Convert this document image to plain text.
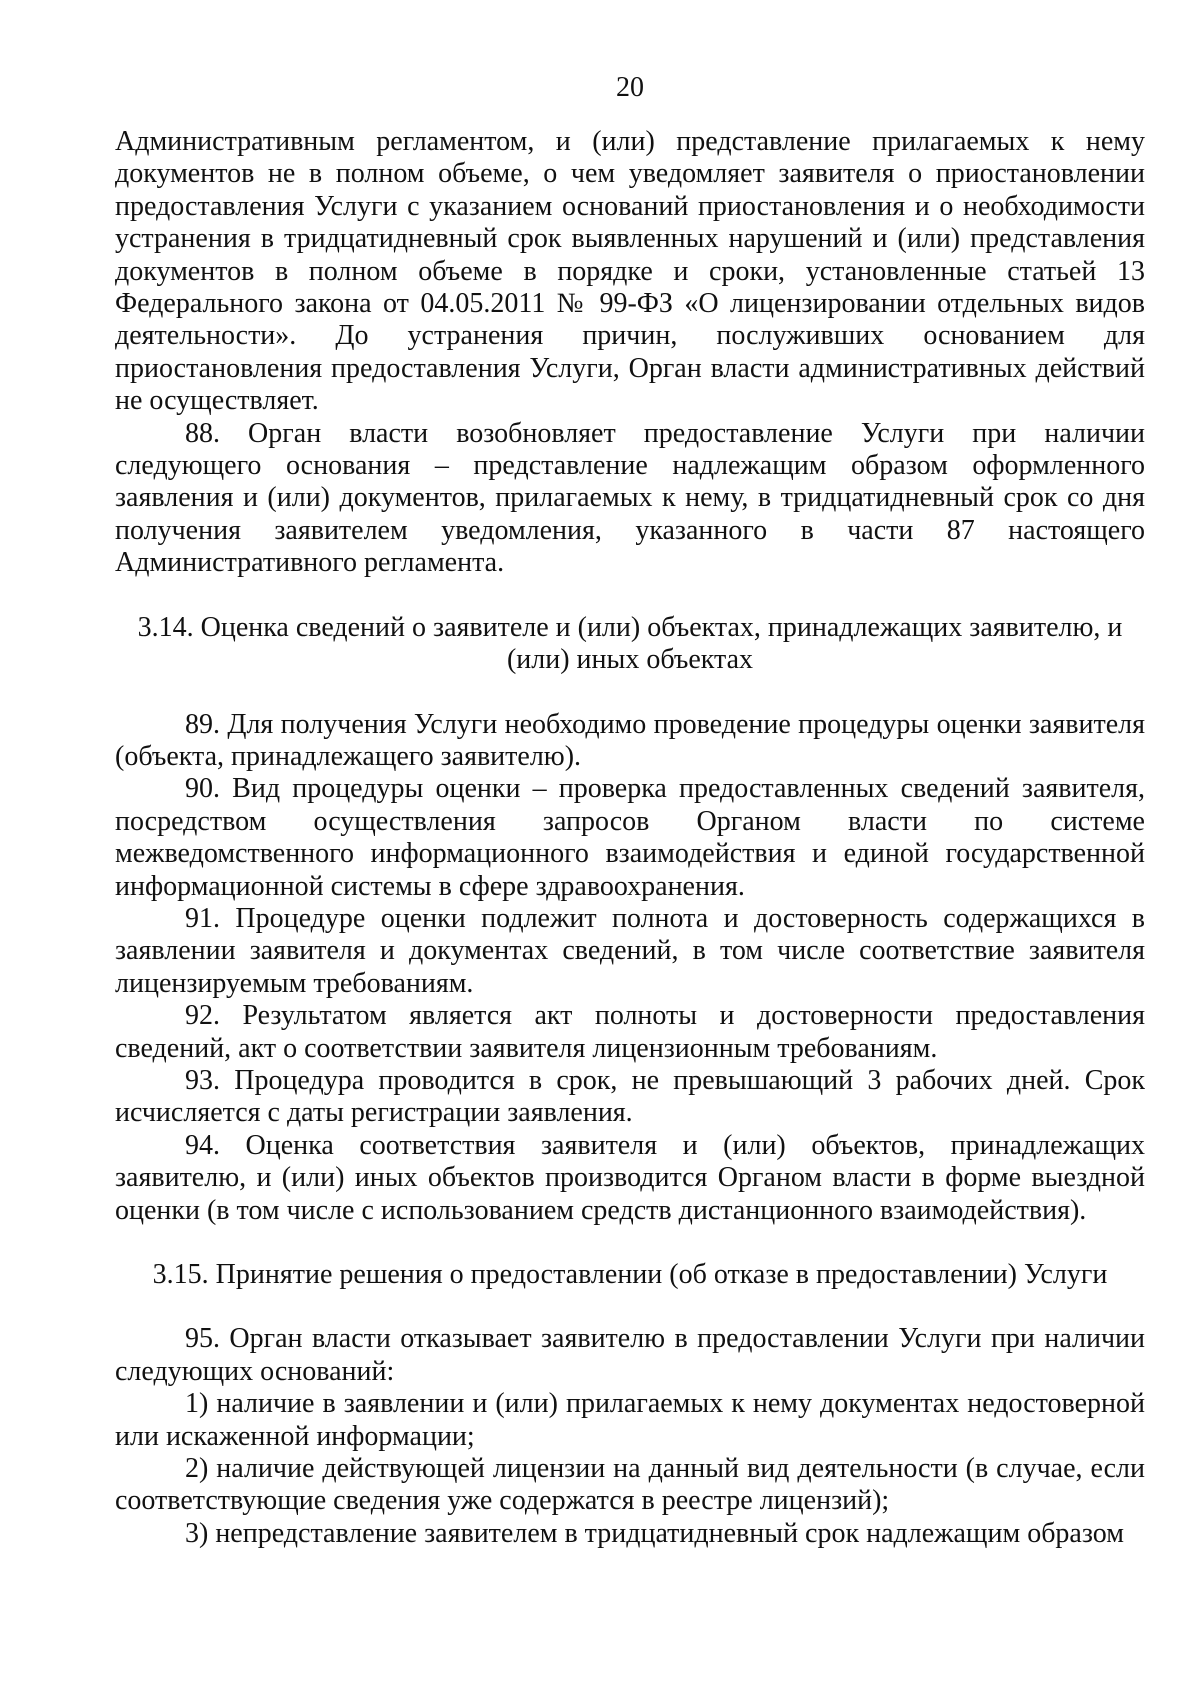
20

Административным регламентом, и (или) представление прилагаемых к нему документов не в полном объеме, о чем уведомляет заявителя о приостановлении предоставления Услуги с указанием оснований приостановления и о необходимости устранения в тридцатидневный срок выявленных нарушений и (или) представления документов в полном объеме в порядке и сроки, установленные статьей 13 Федерального закона от 04.05.2011 № 99-ФЗ «О лицензировании отдельных видов деятельности». До устранения причин, послуживших основанием для приостановления предоставления Услуги, Орган власти административных действий не осуществляет.

88. Орган власти возобновляет предоставление Услуги при наличии следующего основания – представление надлежащим образом оформленного заявления и (или) документов, прилагаемых к нему, в тридцатидневный срок со дня получения заявителем уведомления, указанного в части 87 настоящего Административного регламента.

3.14. Оценка сведений о заявителе и (или) объектах, принадлежащих заявителю, и
(или) иных объектах

89. Для получения Услуги необходимо проведение процедуры оценки заявителя (объекта, принадлежащего заявителю).

90. Вид процедуры оценки – проверка предоставленных сведений заявителя, посредством осуществления запросов Органом власти по системе межведомственного информационного взаимодействия и единой государственной информационной системы в сфере здравоохранения.

91. Процедуре оценки подлежит полнота и достоверность содержащихся в заявлении заявителя и документах сведений, в том числе соответствие заявителя лицензируемым требованиям.

92. Результатом является акт полноты и достоверности предоставления сведений, акт о соответствии заявителя лицензионным требованиям.

93. Процедура проводится в срок, не превышающий 3 рабочих дней. Срок исчисляется с даты регистрации заявления.

94. Оценка соответствия заявителя и (или) объектов, принадлежащих заявителю, и (или) иных объектов производится Органом власти в форме выездной оценки (в том числе с использованием средств дистанционного взаимодействия).

3.15. Принятие решения о предоставлении (об отказе в предоставлении) Услуги

95. Орган власти отказывает заявителю в предоставлении Услуги при наличии следующих оснований:

1) наличие в заявлении и (или) прилагаемых к нему документах недостоверной или искаженной информации;

2) наличие действующей лицензии на данный вид деятельности (в случае, если соответствующие сведения уже содержатся в реестре лицензий);

3) непредставление заявителем в тридцатидневный срок надлежащим образом
